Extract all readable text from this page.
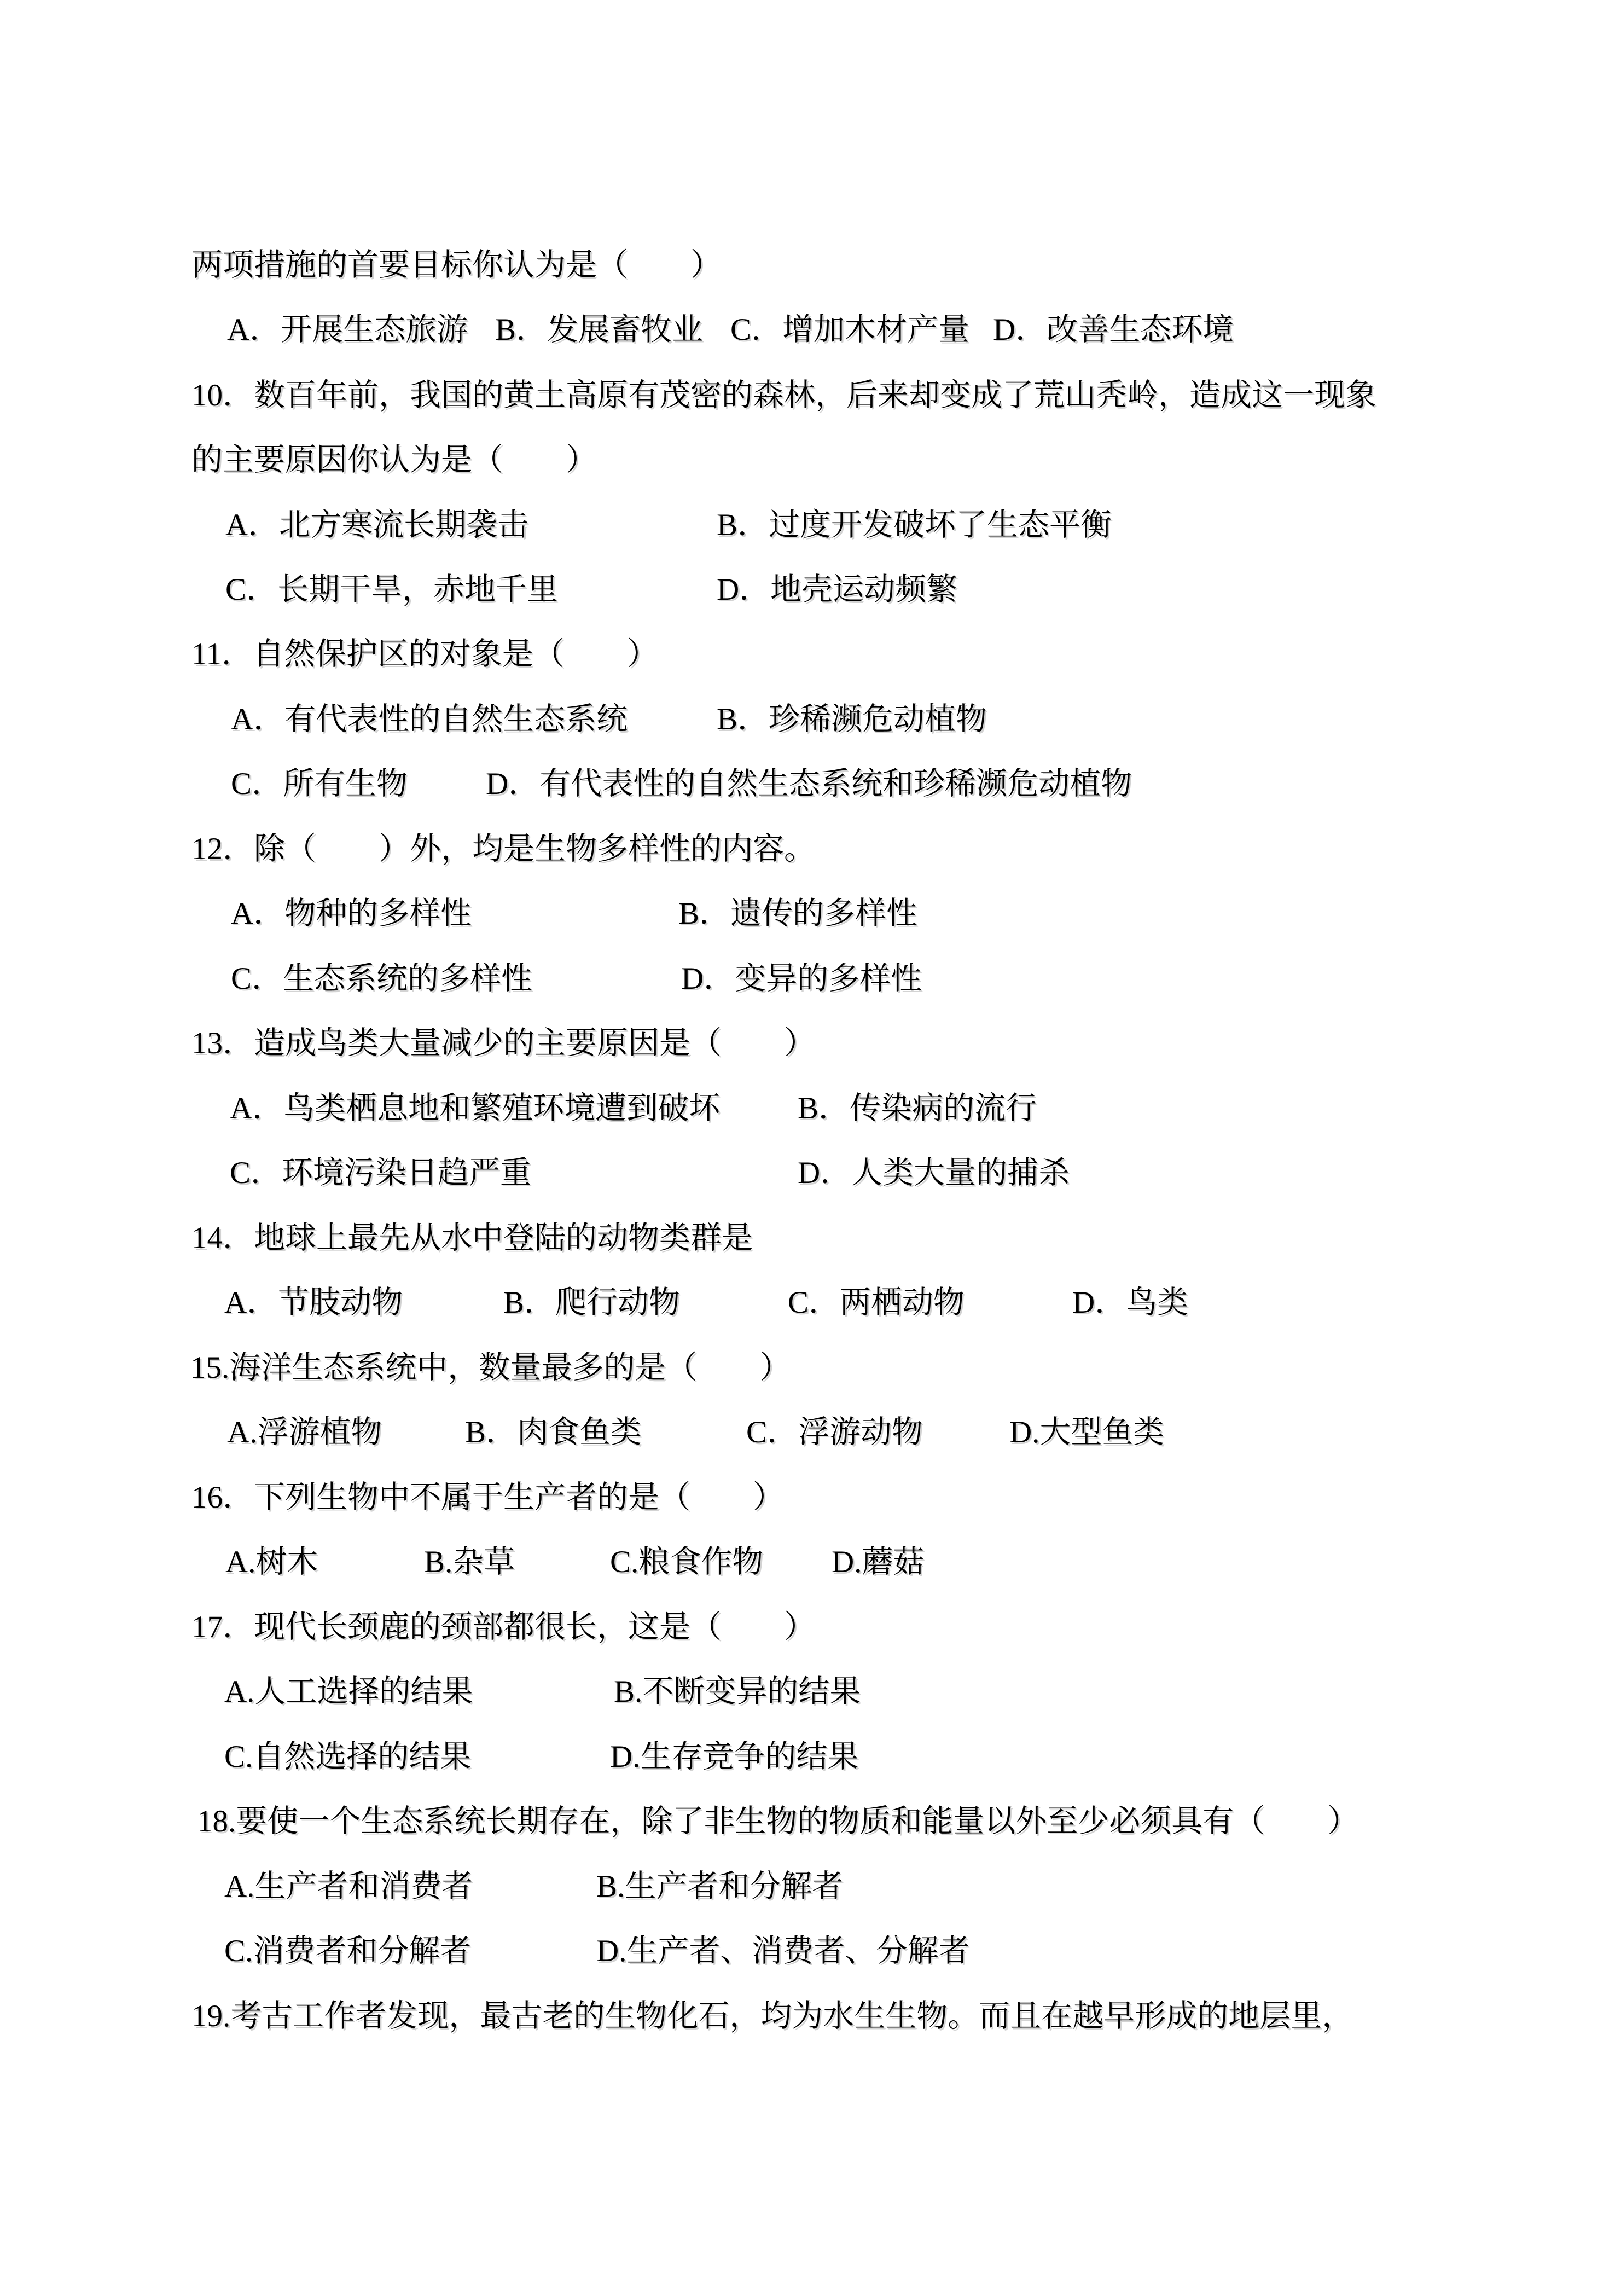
两项措施的首要目标你认为是（　　）
A．开展生态旅游 B．发展畜牧业 C．增加木材产量 D．改善生态环境
10．数百年前，我国的黄土高原有茂密的森林，后来却变成了荒山秃岭，造成这一现象
的主要原因你认为是（　　）
A．北方寒流长期袭击	B．过度开发破坏了生态平衡
C．长期干旱，赤地千里	D．地壳运动频繁
11．自然保护区的对象是（　　）
A．有代表性的自然生态系统	B．珍稀濒危动植物
C．所有生物	D．有代表性的自然生态系统和珍稀濒危动植物
12．除（　　）外，均是生物多样性的内容。
A．物种的多样性	B．遗传的多样性
C．生态系统的多样性	D．变异的多样性
13．造成鸟类大量减少的主要原因是（　　）
A．鸟类栖息地和繁殖环境遭到破坏 B．传染病的流行
C．环境污染日趋严重	D．人类大量的捕杀
14．地球上最先从水中登陆的动物类群是
A．节肢动物	B．爬行动物	C．两栖动物	D．鸟类
15.海洋生态系统中，数量最多的是（　　）
A.浮游植物	B．肉食鱼类	C．浮游动物	D.大型鱼类
16．下列生物中不属于生产者的是（　　）
A.树木	B.杂草	C.粮食作物 D.蘑菇
17．现代长颈鹿的颈部都很长，这是（　　）
A.人工选择的结果	B.不断变异的结果
C.自然选择的结果	D.生存竞争的结果
18.要使一个生态系统长期存在，除了非生物的物质和能量以外至少必须具有（　　）
A.生产者和消费者	B.生产者和分解者
C.消费者和分解者	D.生产者、消费者、分解者
19.考古工作者发现，最古老的生物化石，均为水生生物。而且在越早形成的地层里，
